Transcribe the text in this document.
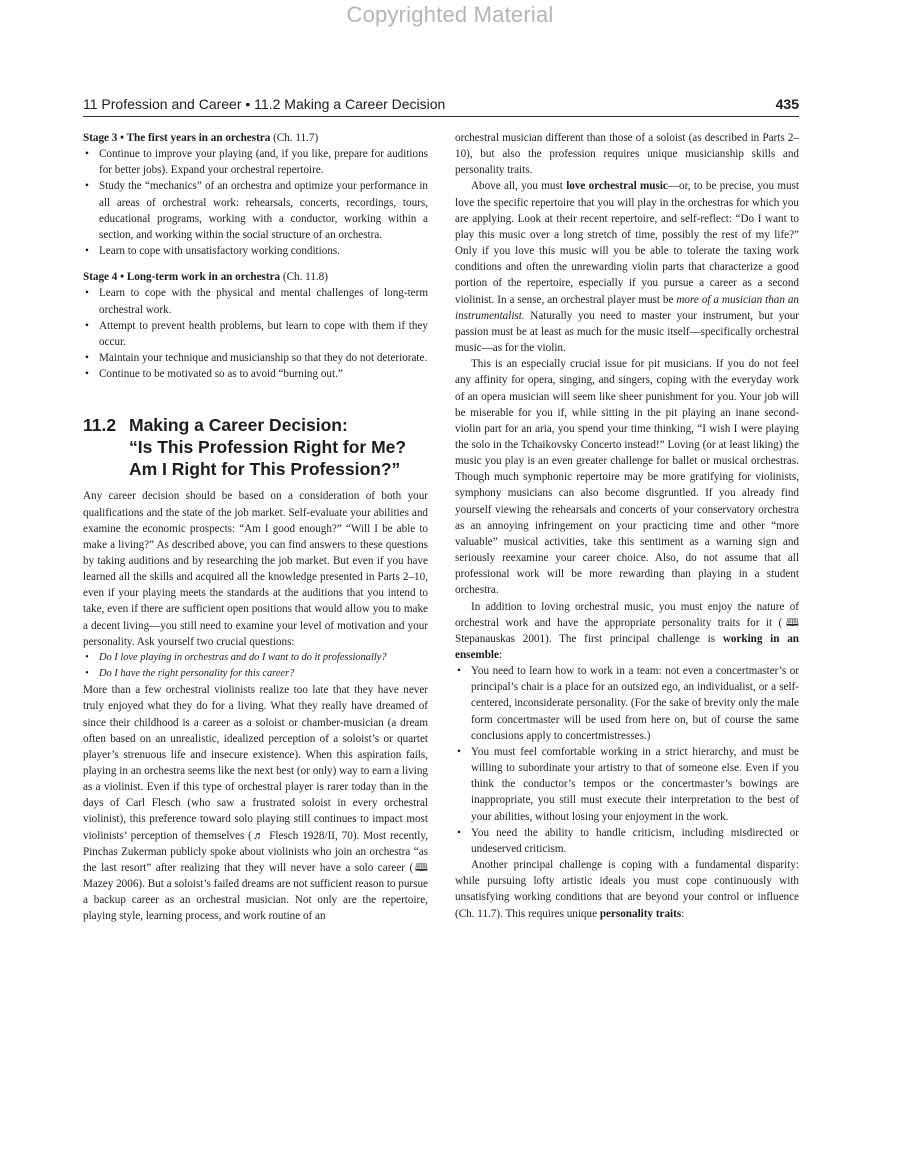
Copyrighted Material
11 Profession and Career • 11.2 Making a Career Decision	435

Stage 3 • The first years in an orchestra (Ch. 11.7)

• Continue to improve your playing (and, if you like, prepare for auditions for better jobs). Expand your orchestral repertoire.
• Study the “mechanics” of an orchestra and optimize your performance in all areas of orchestral work: rehearsals, concerts, recordings, tours, educational programs, working with a conductor, working within a section, and working within the social structure of an orchestra.
• Learn to cope with unsatisfactory working conditions.

Stage 4 • Long-term work in an orchestra (Ch. 11.8)

• Learn to cope with the physical and mental challenges of long-term orchestral work.
• Attempt to prevent health problems, but learn to cope with them if they occur.
• Maintain your technique and musicianship so that they do not deteriorate.
• Continue to be motivated so as to avoid “burning out.”
11.2 Making a Career Decision:
“Is This Profession Right for Me?
Am I Right for This Profession?”

Any career decision should be based on a consideration of both your qualifications and the state of the job market. Self-evaluate your abilities and examine the economic prospects: “Am I good enough?” “Will I be able to make a living?” As described above, you can find answers to these questions by taking auditions and by researching the job market. But even if you have learned all the skills and acquired all the knowledge presented in Parts 2–10, even if your playing meets the standards at the auditions that you intend to take, even if there are sufficient open positions that would allow you to make a decent living—you still need to examine your level of motivation and your personality. Ask yourself two crucial questions:

• Do I love playing in orchestras and do I want to do it professionally?
• Do I have the right personality for this career?

More than a few orchestral violinists realize too late that they have never truly enjoyed what they do for a living. What they really have dreamed of since their childhood is a career as a soloist or chamber-musician (a dream often based on an unrealistic, idealized perception of a soloist’s or quartet player’s strenuous life and insecure existence). When this aspiration fails, playing in an orchestra seems like the next best (or only) way to earn a living as a violinist. Even if this type of orchestral player is rarer today than in the days of Carl Flesch (who saw a frustrated soloist in every orchestral violinist), this preference toward solo playing still continues to impact most violinists’ perception of themselves (♬ Flesch 1928/II, 70). Most recently, Pinchas Zukerman publicly spoke about violinists who join an orchestra “as the last resort” after realizing that they will never have a solo career (🕮 Mazey 2006). But a soloist’s failed dreams are not sufficient reason to pursue a backup career as an orchestral musician. Not only are the repertoire, playing style, learning process, and work routine of an

orchestral musician different than those of a soloist (as described in Parts 2–10), but also the profession requires unique musicianship skills and personality traits.

Above all, you must love orchestral music—or, to be precise, you must love the specific repertoire that you will play in the orchestras for which you are applying. Look at their recent repertoire, and self-reflect: “Do I want to play this music over a long stretch of time, possibly the rest of my life?” Only if you love this music will you be able to tolerate the taxing work conditions and often the unrewarding violin parts that characterize a good portion of the repertoire, especially if you pursue a career as a second violinist. In a sense, an orchestral player must be more of a musician than an instrumentalist. Naturally you need to master your instrument, but your passion must be at least as much for the music itself—specifically orchestral music—as for the violin.

This is an especially crucial issue for pit musicians. If you do not feel any affinity for opera, singing, and singers, coping with the everyday work of an opera musician will seem like sheer punishment for you. Your job will be miserable for you if, while sitting in the pit playing an inane second-violin part for an aria, you spend your time thinking, “I wish I were playing the solo in the Tchaikovsky Concerto instead!” Loving (or at least liking) the music you play is an even greater challenge for ballet or musical orchestras. Though much symphonic repertoire may be more gratifying for violinists, symphony musicians can also become disgruntled. If you already find yourself viewing the rehearsals and concerts of your conservatory orchestra as an annoying infringement on your practicing time and other “more valuable” musical activities, take this sentiment as a warning sign and seriously reexamine your career choice. Also, do not assume that all professional work will be more rewarding than playing in a student orchestra.

In addition to loving orchestral music, you must enjoy the nature of orchestral work and have the appropriate personality traits for it (🕮 Stepanauskas 2001). The first principal challenge is working in an ensemble:

• You need to learn how to work in a team: not even a concertmaster’s or principal’s chair is a place for an outsized ego, an individualist, or a self-centered, inconsiderate personality. (For the sake of brevity only the male form concertmaster will be used from here on, but of course the same conclusions apply to concertmistresses.)
• You must feel comfortable working in a strict hierarchy, and must be willing to subordinate your artistry to that of someone else. Even if you think the conductor’s tempos or the concertmaster’s bowings are inappropriate, you still must execute their interpretation to the best of your abilities, without losing your enjoyment in the work.
• You need the ability to handle criticism, including misdirected or undeserved criticism.

Another principal challenge is coping with a fundamental disparity: while pursuing lofty artistic ideals you must cope continuously with unsatisfying working conditions that are beyond your control or influence (Ch. 11.7). This requires unique personality traits:
